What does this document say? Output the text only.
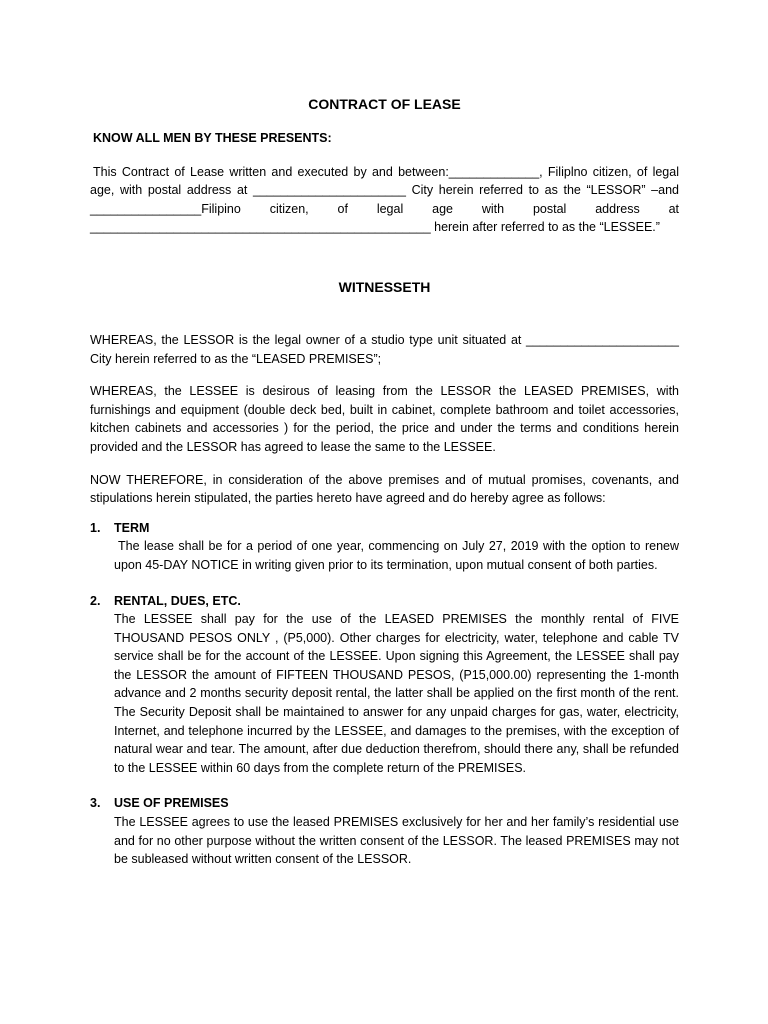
CONTRACT OF LEASE

KNOW ALL MEN BY THESE PRESENTS:

This Contract of Lease written and executed by and between:_____________, Filiplno citizen, of legal age, with postal address at ______________________ City herein referred to as the “LESSOR” –and ________________Filipino citizen, of legal age with postal address at _________________________________________________ herein after referred to as the “LESSEE.”

WITNESSETH

WHEREAS, the LESSOR is the legal owner of a studio type unit situated at ______________________ City herein referred to as the “LEASED PREMISES”;

WHEREAS, the LESSEE is desirous of leasing from the LESSOR the LEASED PREMISES, with furnishings and equipment (double deck bed, built in cabinet, complete bathroom and toilet accessories, kitchen cabinets and accessories ) for the period, the price and under the terms and conditions herein provided and the LESSOR has agreed to lease the same to the LESSEE.

NOW THEREFORE, in consideration of the above premises and of mutual promises, covenants, and stipulations herein stipulated, the parties hereto have agreed and do hereby agree as follows:

1.	TERM

The lease shall be for a period of one year, commencing on July 27, 2019 with the option to renew upon 45-DAY NOTICE in writing given prior to its termination, upon mutual consent of both parties.

2.	RENTAL, DUES, ETC.

The LESSEE shall pay for the use of the LEASED PREMISES the monthly rental of FIVE THOUSAND PESOS ONLY , (P5,000). Other charges for electricity, water, telephone and cable TV service shall be for the account of the LESSEE. Upon signing this Agreement, the LESSEE shall pay the LESSOR the amount of FIFTEEN THOUSAND PESOS, (P15,000.00) representing the 1-month advance and 2 months security deposit rental, the latter shall be applied on the first month of the rent. The Security Deposit shall be maintained to answer for any unpaid charges for gas, water, electricity, Internet, and telephone incurred by the LESSEE, and damages to the premises, with the exception of natural wear and tear. The amount, after due deduction therefrom, should there any, shall be refunded to the LESSEE within 60 days from the complete return of the PREMISES.

3.	USE OF PREMISES

The LESSEE agrees to use the leased PREMISES exclusively for her and her family’s residential use and for no other purpose without the written consent of the LESSOR. The leased PREMISES may not be subleased without written consent of the LESSOR.
